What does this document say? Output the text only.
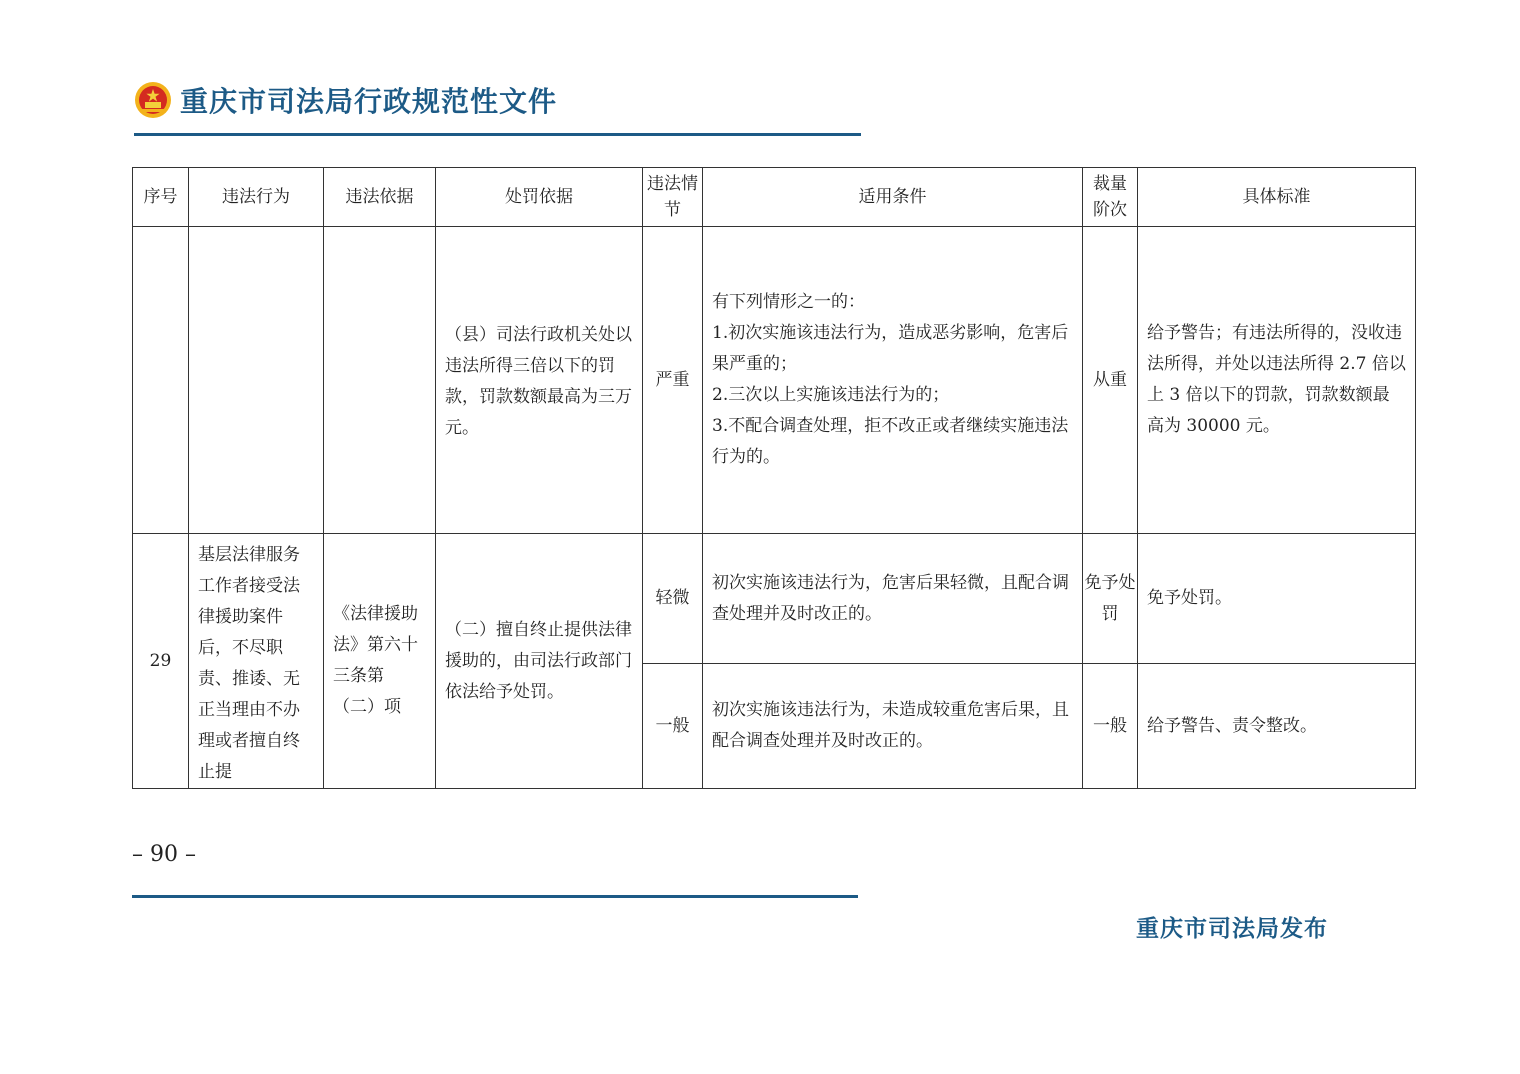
重庆市司法局行政规范性文件
序号	违法行为	违法依据	处罚依据	违法情节	适用条件	裁量阶次	具体标准
			（县）司法行政机关处以违法所得三倍以下的罚款，罚款数额最高为三万元。	严重	有下列情形之一的：
1.初次实施该违法行为，造成恶劣影响，危害后果严重的；
2.三次以上实施该违法行为的；
3.不配合调查处理，拒不改正或者继续实施违法行为的。	从重	给予警告；有违法所得的，没收违法所得，并处以违法所得 2.7 倍以上 3 倍以下的罚款，罚款数额最高为 30000 元。
29	基层法律服务工作者接受法律援助案件后，不尽职责、推诿、无正当理由不办理或者擅自终止提	《法律援助法》第六十三条第（二）项	（二）擅自终止提供法律援助的，由司法行政部门依法给予处罚。	轻微	初次实施该违法行为，危害后果轻微，且配合调查处理并及时改正的。	免予处罚	免予处罚。
				一般	初次实施该违法行为，未造成较重危害后果，且配合调查处理并及时改正的。	一般	给予警告、责令整改。
– 90 –
重庆市司法局发布
